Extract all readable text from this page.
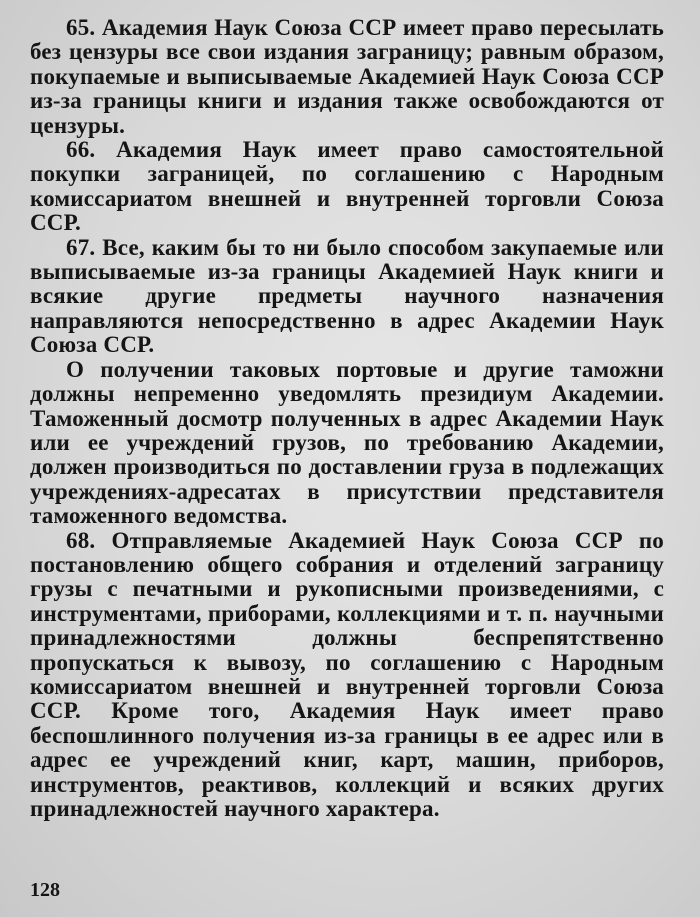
65. Академия Наук Союза ССР имеет право пересылать без цензуры все свои издания заграницу; равным образом, покупаемые и выписываемые Академией Наук Союза ССР из-за границы книги и издания также освобождаются от цензуры.

66. Академия Наук имеет право самостоятельной покупки заграницей, по соглашению с Народным комиссариатом внешней и внутренней торговли Союза ССР.

67. Все, каким бы то ни было способом закупаемые или выписываемые из-за границы Академией Наук книги и всякие другие предметы научного назначения направляются непосредственно в адрес Академии Наук Союза ССР.

О получении таковых портовые и другие таможни должны непременно уведомлять президиум Академии. Таможенный досмотр полученных в адрес Академии Наук или ее учреждений грузов, по требованию Академии, должен производиться по доставлении груза в подлежащих учреждениях-адресатах в присутствии представителя таможенного ведомства.

68. Отправляемые Академией Наук Союза ССР по постановлению общего собрания и отделений заграницу грузы с печатными и рукописными произведениями, с инструментами, приборами, коллекциями и т. п. научными принадлежностями должны беспрепятственно пропускаться к вывозу, по соглашению с Народным комиссариатом внешней и внутренней торговли Союза ССР. Кроме того, Академия Наук имеет право беспошлинного получения из-за границы в ее адрес или в адрес ее учреждений книг, карт, машин, приборов, инструментов, реактивов, коллекций и всяких других принадлежностей научного характера.

128
